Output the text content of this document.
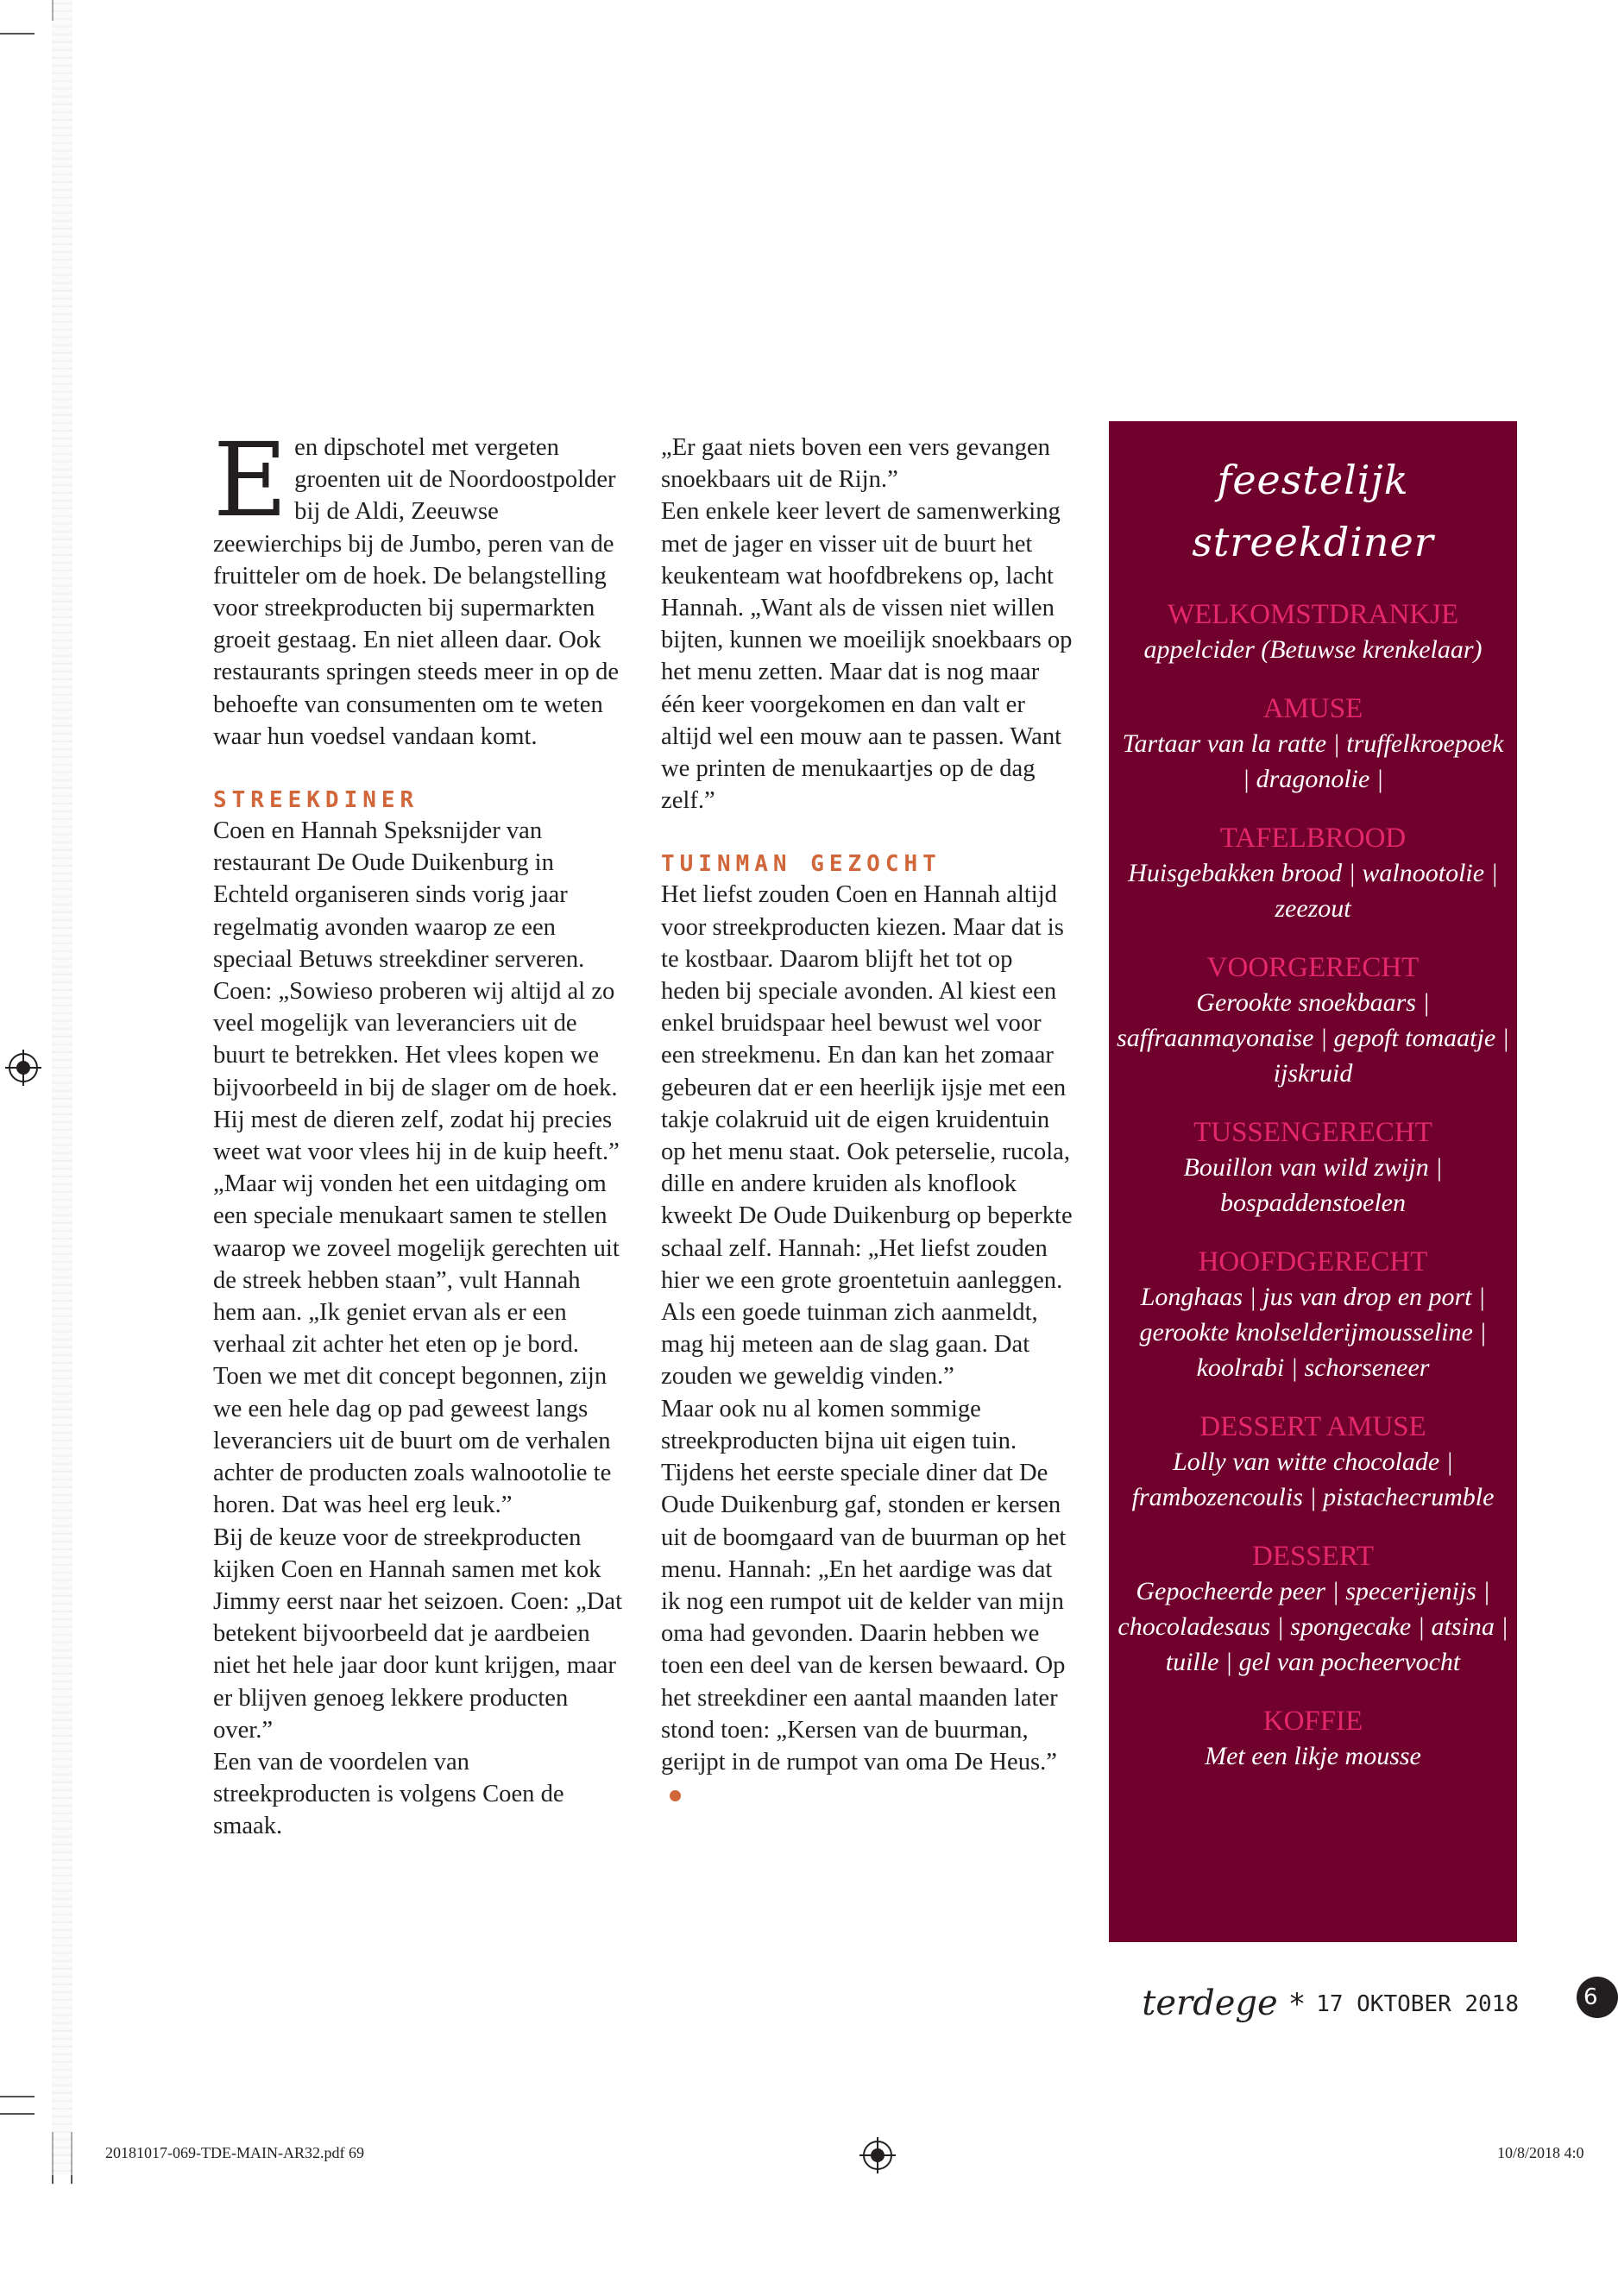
Een dipschotel met vergeten groenten uit de Noordoostpolder bij de Aldi, Zeeuwse zeewierchips bij de Jumbo, peren van de fruitteler om de hoek. De belangstelling voor streekproducten bij supermarkten groeit gestaag. En niet alleen daar. Ook restaurants springen steeds meer in op de behoefte van consumenten om te weten waar hun voedsel vandaan komt.

STREEKDINER

Coen en Hannah Speksnijder van restaurant De Oude Duikenburg in Echteld organiseren sinds vorig jaar regelmatig avonden waarop ze een speciaal Betuws streekdiner serveren. Coen: „Sowieso proberen wij altijd al zo veel mogelijk van leveranciers uit de buurt te betrekken. Het vlees kopen we bijvoorbeeld in bij de slager om de hoek. Hij mest de dieren zelf, zodat hij precies weet wat voor vlees hij in de kuip heeft.”

„Maar wij vonden het een uitdaging om een speciale menukaart samen te stellen waarop we zoveel mogelijk gerechten uit de streek hebben staan”, vult Hannah hem aan. „Ik geniet ervan als er een verhaal zit achter het eten op je bord. Toen we met dit concept begonnen, zijn we een hele dag op pad geweest langs leveranciers uit de buurt om de verhalen achter de producten zoals walnootolie te horen. Dat was heel erg leuk.”

Bij de keuze voor de streekproducten kijken Coen en Hannah samen met kok Jimmy eerst naar het seizoen. Coen: „Dat betekent bijvoorbeeld dat je aardbeien niet het hele jaar door kunt krijgen, maar er blijven genoeg lekkere producten over.”

Een van de voordelen van streekproducten is volgens Coen de smaak.

„Er gaat niets boven een vers gevangen snoekbaars uit de Rijn.”

Een enkele keer levert de samenwerking met de jager en visser uit de buurt het keukenteam wat hoofdbrekens op, lacht Hannah. „Want als de vissen niet willen bijten, kunnen we moeilijk snoekbaars op het menu zetten. Maar dat is nog maar één keer voorgekomen en dan valt er altijd wel een mouw aan te passen. Want we printen de menukaartjes op de dag zelf.”

TUINMAN GEZOCHT

Het liefst zouden Coen en Hannah altijd voor streekproducten kiezen. Maar dat is te kostbaar. Daarom blijft het tot op heden bij speciale avonden. Al kiest een enkel bruidspaar heel bewust wel voor een streekmenu. En dan kan het zomaar gebeuren dat er een heerlijk ijsje met een takje colakruid uit de eigen kruidentuin op het menu staat. Ook peterselie, rucola, dille en andere kruiden als knoflook kweekt De Oude Duikenburg op beperkte schaal zelf. Hannah: „Het liefst zouden hier we een grote groentetuin aanleggen. Als een goede tuinman zich aanmeldt, mag hij meteen aan de slag gaan. Dat zouden we geweldig vinden.”

Maar ook nu al komen sommige streekproducten bijna uit eigen tuin. Tijdens het eerste speciale diner dat De Oude Duikenburg gaf, stonden er kersen uit de boomgaard van de buurman op het menu. Hannah: „En het aardige was dat ik nog een rumpot uit de kelder van mijn oma had gevonden. Daarin hebben we toen een deel van de kersen bewaard. Op het streekdiner een aantal maanden later stond toen: „Kersen van de buurman, gerijpt in de rumpot van oma De Heus.”

feestelijk
streekdiner

WELKOMSTDRANKJE

appelcider (Betuwse krenkelaar)

AMUSE

Tartaar van la ratte | truffelkroepoek | dragonolie |

TAFELBROOD

Huisgebakken brood | walnootolie | zeezout

VOORGERECHT

Gerookte snoekbaars | saffraanmayonaise | gepoft tomaatje | ijskruid

TUSSENGERECHT

Bouillon van wild zwijn | bospaddenstoelen

HOOFDGERECHT

Longhaas | jus van drop en port | gerookte knolselderijmousseline | koolrabi | schorseneer

DESSERT AMUSE

Lolly van witte chocolade | frambozencoulis | pistachecrumble

DESSERT

Gepocheerde peer | specerijenijs | chocoladesaus | spongecake | atsina | tuille | gel van pocheervocht

KOFFIE

Met een likje mousse

terdege * 17 OKTOBER 2018	6
20181017-069-TDE-MAIN-AR32.pdf 69	10/8/2018 4:0
